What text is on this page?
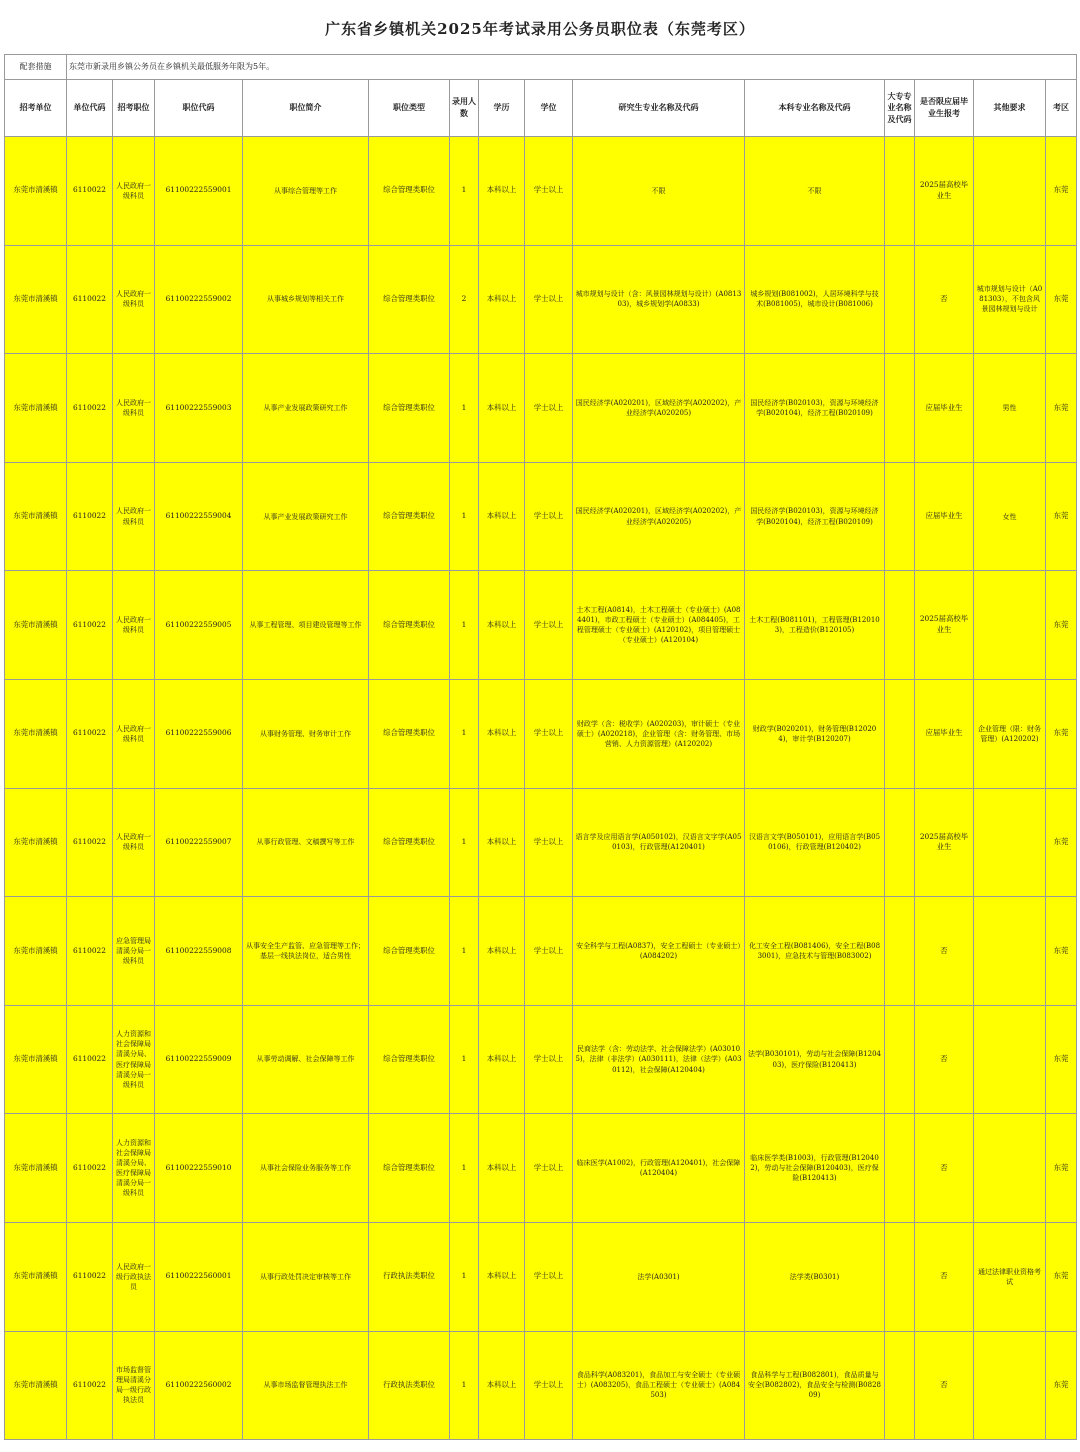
广东省乡镇机关2025年考试录用公务员职位表（东莞考区）
配套措施	东莞市新录用乡镇公务员在乡镇机关最低服务年限为5年。													
招考单位	单位代码	招考职位	职位代码	职位简介	职位类型	录用人数	学历	学位	研究生专业名称及代码	本科专业名称及代码	大专专业名称及代码	是否限应届毕业生报考	其他要求	考区
东莞市清溪镇	6110022	人民政府一级科员	61100222559001	从事综合管理等工作	综合管理类职位	1	本科以上	学士以上	不限	不限		2025届高校毕业生		东莞
东莞市清溪镇	6110022	人民政府一级科员	61100222559002	从事城乡规划等相关工作	综合管理类职位	2	本科以上	学士以上	城市规划与设计（含：风景园林规划与设计）(A081303)，城乡规划学(A0833)	城乡规划(B081002)，人居环境科学与技术(B081005)，城市设计(B081006)		否	城市规划与设计（A081303），不包含风景园林规划与设计	东莞
东莞市清溪镇	6110022	人民政府一级科员	61100222559003	从事产业发展政策研究工作	综合管理类职位	1	本科以上	学士以上	国民经济学(A020201)，区域经济学(A020202)，产业经济学(A020205)	国民经济学(B020103)，资源与环境经济学(B020104)，经济工程(B020109)		应届毕业生	男性	东莞
东莞市清溪镇	6110022	人民政府一级科员	61100222559004	从事产业发展政策研究工作	综合管理类职位	1	本科以上	学士以上	国民经济学(A020201)，区域经济学(A020202)，产业经济学(A020205)	国民经济学(B020103)，资源与环境经济学(B020104)，经济工程(B020109)		应届毕业生	女性	东莞
东莞市清溪镇	6110022	人民政府一级科员	61100222559005	从事工程管理、项目建设管理等工作	综合管理类职位	1	本科以上	学士以上	土木工程(A0814)，土木工程硕士（专业硕士）(A084401)，市政工程硕士（专业硕士）(A084405)，工程管理硕士（专业硕士）(A120102)，项目管理硕士（专业硕士）(A120104)	土木工程(B081101)，工程管理(B120103)，工程造价(B120105)		2025届高校毕业生		东莞
东莞市清溪镇	6110022	人民政府一级科员	61100222559006	从事财务管理、财务审计工作	综合管理类职位	1	本科以上	学士以上	财政学（含：税收学）(A020203)，审计硕士（专业硕士）(A020218)，企业管理（含：财务管理、市场营销、人力资源管理）(A120202)	财政学(B020201)，财务管理(B120204)，审计学(B120207)		应届毕业生	企业管理（限：财务管理）(A120202)	东莞
东莞市清溪镇	6110022	人民政府一级科员	61100222559007	从事行政管理、文稿撰写等工作	综合管理类职位	1	本科以上	学士以上	语言学及应用语言学(A050102)，汉语言文字学(A050103)，行政管理(A120401)	汉语言文学(B050101)，应用语言学(B050106)，行政管理(B120402)		2025届高校毕业生		东莞
东莞市清溪镇	6110022	应急管理局清溪分局一级科员	61100222559008	从事安全生产监管、应急管理等工作；基层一线执法岗位，适合男性	综合管理类职位	1	本科以上	学士以上	安全科学与工程(A0837)，安全工程硕士（专业硕士）(A084202)	化工安全工程(B081406)，安全工程(B083001)，应急技术与管理(B083002)		否		东莞
东莞市清溪镇	6110022	人力资源和社会保障局清溪分局、医疗保障局清溪分局一级科员	61100222559009	从事劳动调解、社会保障等工作	综合管理类职位	1	本科以上	学士以上	民商法学（含：劳动法学、社会保障法学）(A030105)，法律（非法学）(A030111)，法律（法学）(A030112)，社会保障(A120404)	法学(B030101)，劳动与社会保障(B120403)，医疗保险(B120413)		否		东莞
东莞市清溪镇	6110022	人力资源和社会保障局清溪分局、医疗保障局清溪分局一级科员	61100222559010	从事社会保险业务服务等工作	综合管理类职位	1	本科以上	学士以上	临床医学(A1002)，行政管理(A120401)，社会保障(A120404)	临床医学类(B1003)，行政管理(B120402)，劳动与社会保障(B120403)，医疗保险(B120413)		否		东莞
东莞市清溪镇	6110022	人民政府一级行政执法员	61100222560001	从事行政处罚决定审核等工作	行政执法类职位	1	本科以上	学士以上	法学(A0301)	法学类(B0301)		否	通过法律职业资格考试	东莞
东莞市清溪镇	6110022	市场监督管理局清溪分局一级行政执法员	61100222560002	从事市场监督管理执法工作	行政执法类职位	1	本科以上	学士以上	食品科学(A083201)，食品加工与安全硕士（专业硕士）(A083205)，食品工程硕士（专业硕士）(A084503)	食品科学与工程(B082801)，食品质量与安全(B082802)，食品安全与检测(B082809)		否		东莞
